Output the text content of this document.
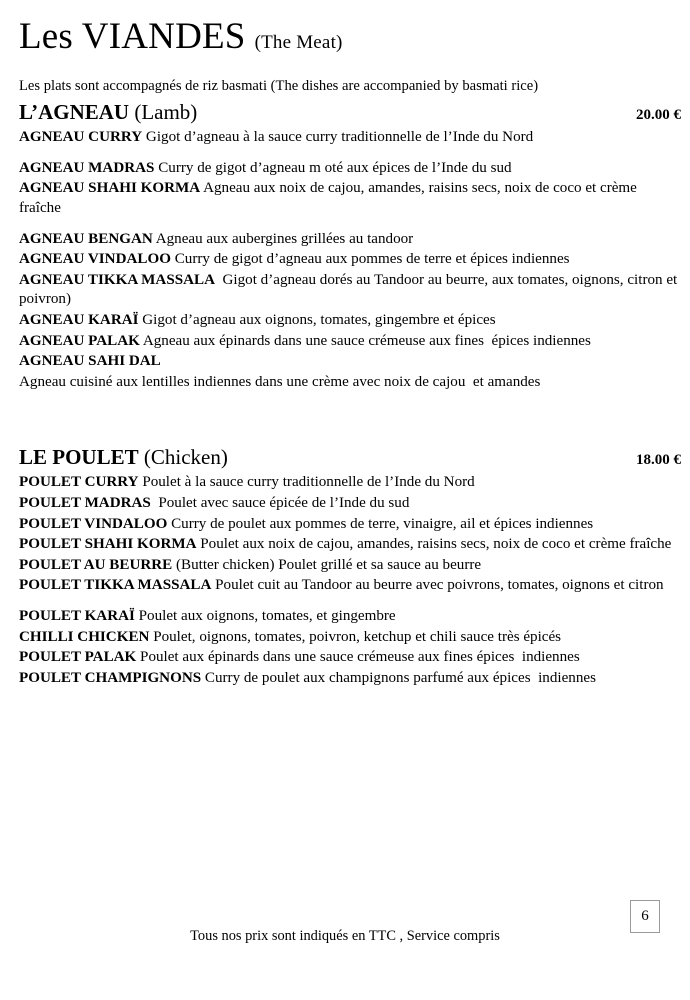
Les VIANDES (The Meat)
Les plats sont accompagnés de riz basmati (The dishes are accompanied by basmati rice)
L’AGNEAU (Lamb)	20.00 €
AGNEAU CURRY Gigot d’agneau à la sauce curry traditionnelle de l’Inde du Nord
AGNEAU MADRAS Curry de gigot d’agneau m oté aux épices de l’Inde du sud
AGNEAU SHAHI KORMA Agneau aux noix de cajou, amandes, raisins secs, noix de coco et crème fraîche
AGNEAU BENGAN Agneau aux aubergines grillées au tandoor
AGNEAU VINDALOO Curry de gigot d’agneau aux pommes de terre et épices indiennes
AGNEAU TIKKA MASSALA  Gigot d’agneau dorés au Tandoor au beurre, aux tomates, oignons, citron et poivron)
AGNEAU KARAÏ Gigot d’agneau aux oignons, tomates, gingembre et épices
AGNEAU PALAK Agneau aux épinards dans une sauce crémeuse aux fines  épices indiennes
AGNEAU SAHI DAL
Agneau cuisiné aux lentilles indiennes dans une crème avec noix de cajou  et amandes
LE POULET (Chicken)	18.00 €
POULET CURRY Poulet à la sauce curry traditionnelle de l’Inde du Nord
POULET MADRAS  Poulet avec sauce épicée de l’Inde du sud
POULET VINDALOO Curry de poulet aux pommes de terre, vinaigre, ail et épices indiennes
POULET SHAHI KORMA Poulet aux noix de cajou, amandes, raisins secs, noix de coco et crème fraîche
POULET AU BEURRE (Butter chicken) Poulet grillé et sa sauce au beurre
POULET TIKKA MASSALA Poulet cuit au Tandoor au beurre avec poivrons, tomates, oignons et citron
POULET KARAÏ Poulet aux oignons, tomates, et gingembre
CHILLI CHICKEN Poulet, oignons, tomates, poivron, ketchup et chili sauce très épicés
POULET PALAK Poulet aux épinards dans une sauce crémeuse aux fines épices  indiennes
POULET CHAMPIGNONS Curry de poulet aux champignons parfumé aux épices  indiennes
Tous nos prix sont indiqués en TTC , Service compris
6
